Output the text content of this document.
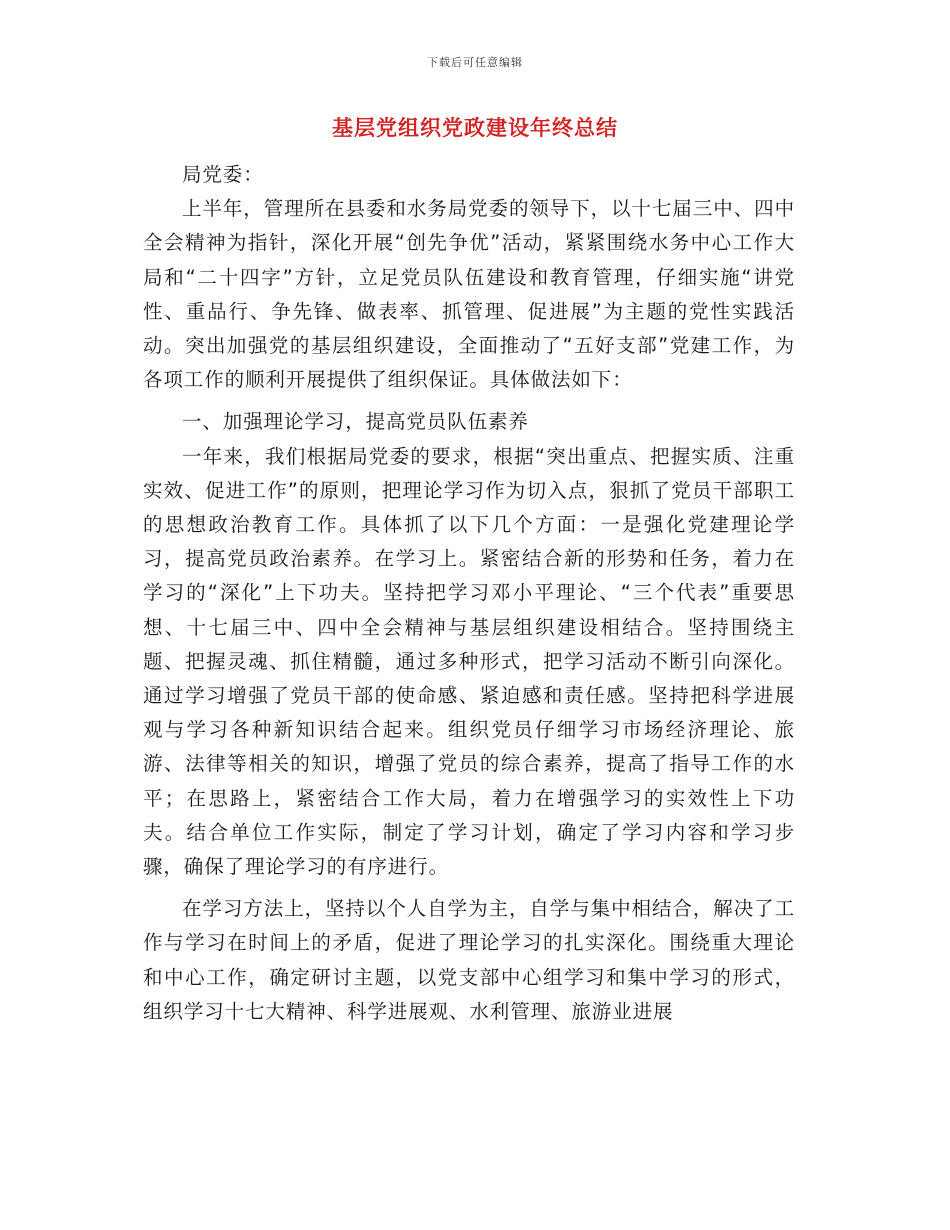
下载后可任意编辑
基层党组织党政建设年终总结

局党委：

上半年，管理所在县委和水务局党委的领导下，以十七届三中、四中全会精神为指针，深化开展“创先争优”活动，紧紧围绕水务中心工作大局和“二十四字”方针，立足党员队伍建设和教育管理，仔细实施“讲党性、重品行、争先锋、做表率、抓管理、促进展”为主题的党性实践活动。突出加强党的基层组织建设，全面推动了“五好支部”党建工作，为各项工作的顺利开展提供了组织保证。具体做法如下：

一、加强理论学习，提高党员队伍素养

一年来，我们根据局党委的要求，根据“突出重点、把握实质、注重实效、促进工作”的原则，把理论学习作为切入点，狠抓了党员干部职工的思想政治教育工作。具体抓了以下几个方面：一是强化党建理论学习，提高党员政治素养。在学习上。紧密结合新的形势和任务，着力在学习的“深化”上下功夫。坚持把学习邓小平理论、“三个代表”重要思想、十七届三中、四中全会精神与基层组织建设相结合。坚持围绕主题、把握灵魂、抓住精髓，通过多种形式，把学习活动不断引向深化。通过学习增强了党员干部的使命感、紧迫感和责任感。坚持把科学进展观与学习各种新知识结合起来。组织党员仔细学习市场经济理论、旅游、法律等相关的知识，增强了党员的综合素养，提高了指导工作的水平；在思路上，紧密结合工作大局，着力在增强学习的实效性上下功夫。结合单位工作实际，制定了学习计划，确定了学习内容和学习步骤，确保了理论学习的有序进行。

在学习方法上，坚持以个人自学为主，自学与集中相结合，解决了工作与学习在时间上的矛盾，促进了理论学习的扎实深化。围绕重大理论和中心工作，确定研讨主题，以党支部中心组学习和集中学习的形式，组织学习十七大精神、科学进展观、水利管理、旅游业进展
